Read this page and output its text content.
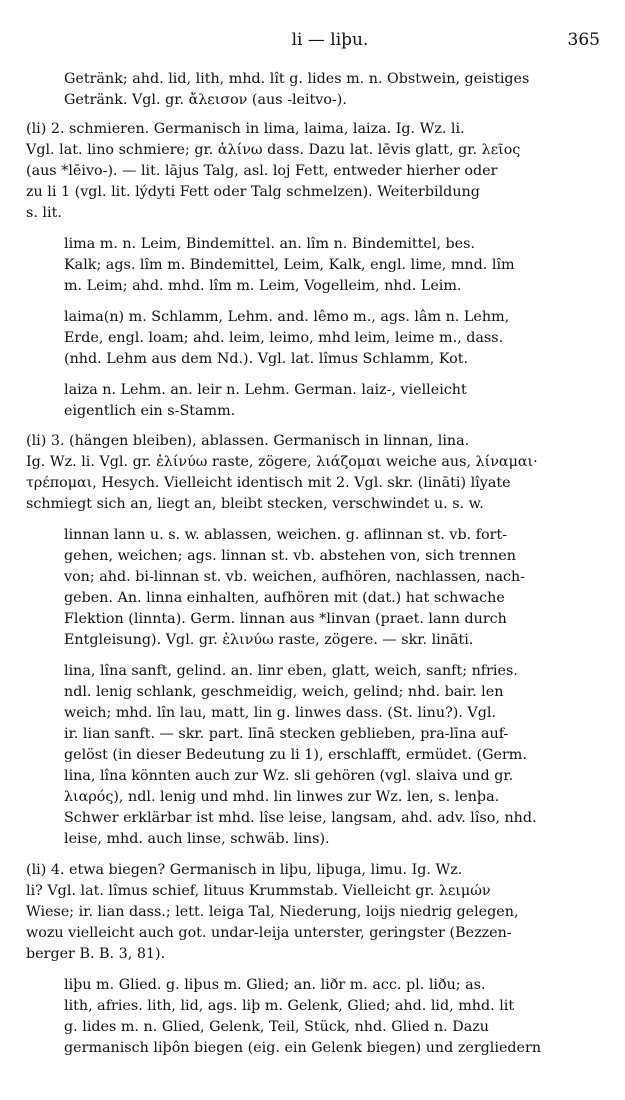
li — liþu.	365
Getränk; ahd. lid, lith, mhd. lît g. lides m. n. Obstwein, geistiges
Getränk. Vgl. gr. ἄλεισον (aus -leitvo-).
(li) 2. schmieren. Germanisch in lima, laima, laiza. Ig. Wz. li.
Vgl. lat. lino schmiere; gr. ἀλίνω dass. Dazu lat. lēvis glatt, gr. λεῖος
(aus *lēivo-). — lit. lājus Talg, asl. loj Fett, entweder hierher oder
zu li 1 (vgl. lit. lýdyti Fett oder Talg schmelzen). Weiterbildung
s. lit.
lima m. n. Leim, Bindemittel. an. lîm n. Bindemittel, bes.
Kalk; ags. lîm m. Bindemittel, Leim, Kalk, engl. lime, mnd. lîm
m. Leim; ahd. mhd. lîm m. Leim, Vogelleim, nhd. Leim.
laima(n) m. Schlamm, Lehm. and. lêmo m., ags. lâm n. Lehm,
Erde, engl. loam; ahd. leim, leimo, mhd leim, leime m., dass.
(nhd. Lehm aus dem Nd.). Vgl. lat. lîmus Schlamm, Kot.
laiza n. Lehm. an. leir n. Lehm. German. laiz-, vielleicht
eigentlich ein s-Stamm.
(li) 3. (hängen bleiben), ablassen. Germanisch in linnan, lina.
Ig. Wz. li. Vgl. gr. ἐλίνύω raste, zögere, λιάζομαι weiche aus, λίναμαι·
τρέπομαι, Hesych. Vielleicht identisch mit 2. Vgl. skr. (lināti) lîyate
schmiegt sich an, liegt an, bleibt stecken, verschwindet u. s. w.
linnan lann u. s. w. ablassen, weichen. g. aflinnan st. vb. fort-
gehen, weichen; ags. linnan st. vb. abstehen von, sich trennen
von; ahd. bi-linnan st. vb. weichen, aufhören, nachlassen, nach-
geben. An. linna einhalten, aufhören mit (dat.) hat schwache
Flektion (linnta). Germ. linnan aus *linvan (praet. lann durch
Entgleisung). Vgl. gr. ἐλινύω raste, zögere. — skr. lināti.
lina, lîna sanft, gelind. an. linr eben, glatt, weich, sanft; nfries.
ndl. lenig schlank, geschmeidig, weich, gelind; nhd. bair. len
weich; mhd. lîn lau, matt, lin g. linwes dass. (St. linu?). Vgl.
ir. lian sanft. — skr. part. līnā stecken geblieben, pra-līna auf-
gelöst (in dieser Bedeutung zu li 1), erschlafft, ermüdet. (Germ.
lina, lîna könnten auch zur Wz. sli gehören (vgl. slaiva und gr.
λιαρός), ndl. lenig und mhd. lin linwes zur Wz. len, s. lenþa.
Schwer erklärbar ist mhd. lîse leise, langsam, ahd. adv. lîso, nhd.
leise, mhd. auch linse, schwäb. lins).
(li) 4. etwa biegen? Germanisch in liþu, liþuga, limu. Ig. Wz.
li? Vgl. lat. lîmus schief, lituus Krummstab. Vielleicht gr. λειμών
Wiese; ir. lian dass.; lett. leiga Tal, Niederung, loijs niedrig gelegen,
wozu vielleicht auch got. undar-leija unterster, geringster (Bezzen-
berger B. B. 3, 81).
liþu m. Glied. g. liþus m. Glied; an. liðr m. acc. pl. liðu; as.
lith, afries. lith, lid, ags. liþ m. Gelenk, Glied; ahd. lid, mhd. lit
g. lides m. n. Glied, Gelenk, Teil, Stück, nhd. Glied n. Dazu
germanisch liþôn biegen (eig. ein Gelenk biegen) und zergliedern
